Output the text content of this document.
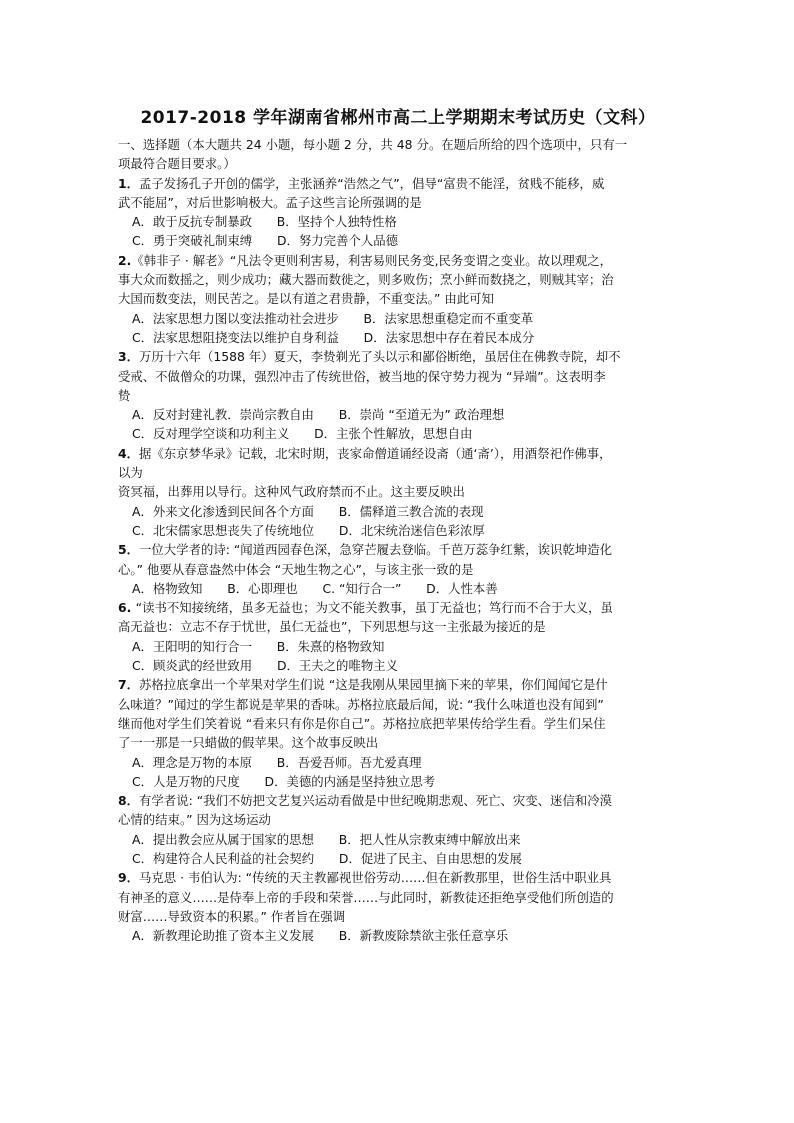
2017-2018 学年湖南省郴州市高二上学期期末考试历史（文科）
一、选择题（本大题共 24 小题，每小题 2 分，共 48 分。在题后所给的四个选项中，只有一
项最符合题目要求。）
1．孟子发扬孔子开创的儒学，主张涵养“浩然之气”，倡导“富贵不能淫，贫贱不能移，威
武不能屈”，对后世影响极大。孟子这些言论所强调的是
A．敢于反抗专制暴政　　B．坚持个人独特性格
C．勇于突破礼制束缚　　D．努力完善个人品德
2.《韩非子 · 解老》“凡法令更则利害易，利害易则民务变,民务变谓之变业。故以理观之，
事大众而数摇之，则少成功；藏大器而数徙之，则多败伤；烹小鲜而数挠之，则贼其宰；治
大国而数变法，则民苦之。是以有道之君贵静，不重变法。” 由此可知
A．法家思想力图以变法推动社会进步　　B．法家思想重稳定而不重变革
C．法家思想阻挠变法以维护自身利益　　D．法家思想中存在着民本成分
3．万历十六年（1588 年）夏天，李贽剃光了头以示和鄙俗断绝，虽居住在佛教寺院，却不
受戒、不做僧众的功课，强烈冲击了传统世俗，被当地的保守势力视为 “异端”。这表明李
贽
A．反对封建礼教．崇尚宗教自由　　B．崇尚 “至道无为” 政治理想
C．反对理学空谈和功利主义　　D．主张个性解放，思想自由
4．据《东京梦华录》记载，北宋时期，丧家命僧道诵经设斋（通‘斋’），用酒祭祀作佛事，
以为
资冥福，出葬用以导行。这种风气政府禁而不止。这主要反映出
A．外来文化渗透到民间各个方面　　B．儒释道三教合流的表现
C．北宋儒家思想丧失了传统地位　　D．北宋统治迷信色彩浓厚
5．一位大学者的诗: “闻道西园春色深，急穿芒履去登临。千芭万蕊争红紫，诶识乾坤造化
心。” 他要从春意盎然中体会 “天地生物之心”，与该主张一致的是
A．格物致知　　B．心即理也　　C. “知行合一”　　D．人性本善
6. “读书不知接统绪，虽多无益也；为文不能关教事，虽丁无益也；笃行而不合于大义，虽
高无益也：立志不存于忧世，虽仁无益也”，下列思想与这一主张最为接近的是
A．王阳明的知行合一　　B．朱熹的格物致知
C．顾炎武的经世致用　　D．王夫之的唯物主义
7．苏格拉底拿出一个苹果对学生们说 “这是我刚从果园里摘下来的苹果，你们闻闻它是什
么味道？”闻过的学生都说是苹果的香味。苏格拉底最后闻，说: “我什么味道也没有闻到”
继而他对学生们笑着说 “看来只有你是你自己”。苏格拉底把苹果传给学生看。学生们呆住
了一一那是一只蜡做的假苹果。这个故事反映出
A．理念是万物的本原　　B．吾爱吾师。吾尤爱真理
C．人是万物的尺度　　D．美德的内涵是坚持独立思考
8．有学者说: “我们不妨把文艺复兴运动看做是中世纪晚期悲观、死亡、灾变、迷信和冷漠
心情的结束。” 因为这场运动
A．提出教会应从属于国家的思想　　B．把人性从宗教束缚中解放出来
C．构建符合人民利益的社会契约　　D．促进了民主、自由思想的发展
9．马克思 · 韦伯认为: “传统的天主教鄙视世俗劳动……但在新教那里，世俗生活中职业具
有神圣的意义……是侍奉上帝的手段和荣誉……与此同时，新教徒还拒绝享受他们所创造的
财富……导致资本的积累。” 作者旨在强调
A．新教理论助推了资本主义发展　　B．新教废除禁欲主张任意享乐
